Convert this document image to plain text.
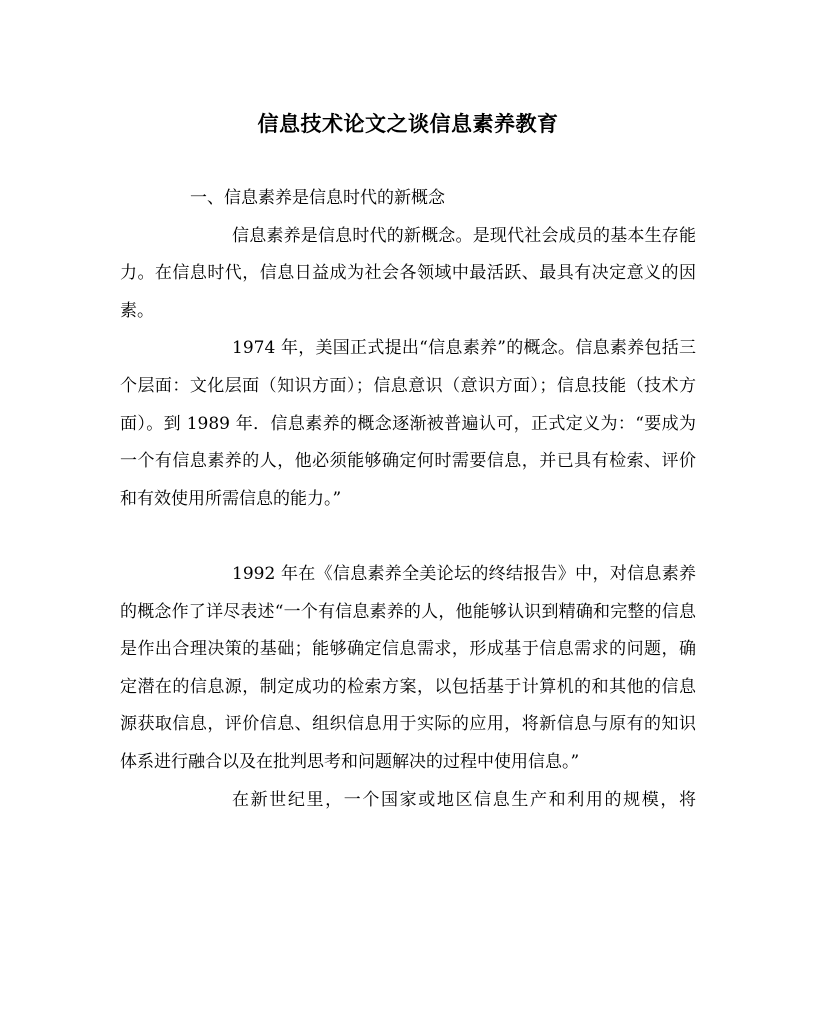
信息技术论文之谈信息素养教育

一、信息素养是信息时代的新概念

信息素养是信息时代的新概念。是现代社会成员的基本生存能力。在信息时代，信息日益成为社会各领域中最活跃、最具有决定意义的因素。

1974 年，美国正式提出“信息素养”的概念。信息素养包括三个层面：文化层面（知识方面）；信息意识（意识方面）；信息技能（技术方面）。到 1989 年．信息素养的概念逐渐被普遍认可，正式定义为：“要成为一个有信息素养的人，他必须能够确定何时需要信息，并已具有检索、评价和有效使用所需信息的能力。”

1992 年在《信息素养全美论坛的终结报告》中，对信息素养的概念作了详尽表述“一个有信息素养的人，他能够认识到精确和完整的信息是作出合理决策的基础；能够确定信息需求，形成基于信息需求的问题，确定潜在的信息源，制定成功的检索方案，以包括基于计算机的和其他的信息源获取信息，评价信息、组织信息用于实际的应用，将新信息与原有的知识体系进行融合以及在批判思考和问题解决的过程中使用信息。”

在新世纪里，一个国家或地区信息生产和利用的规模，将
